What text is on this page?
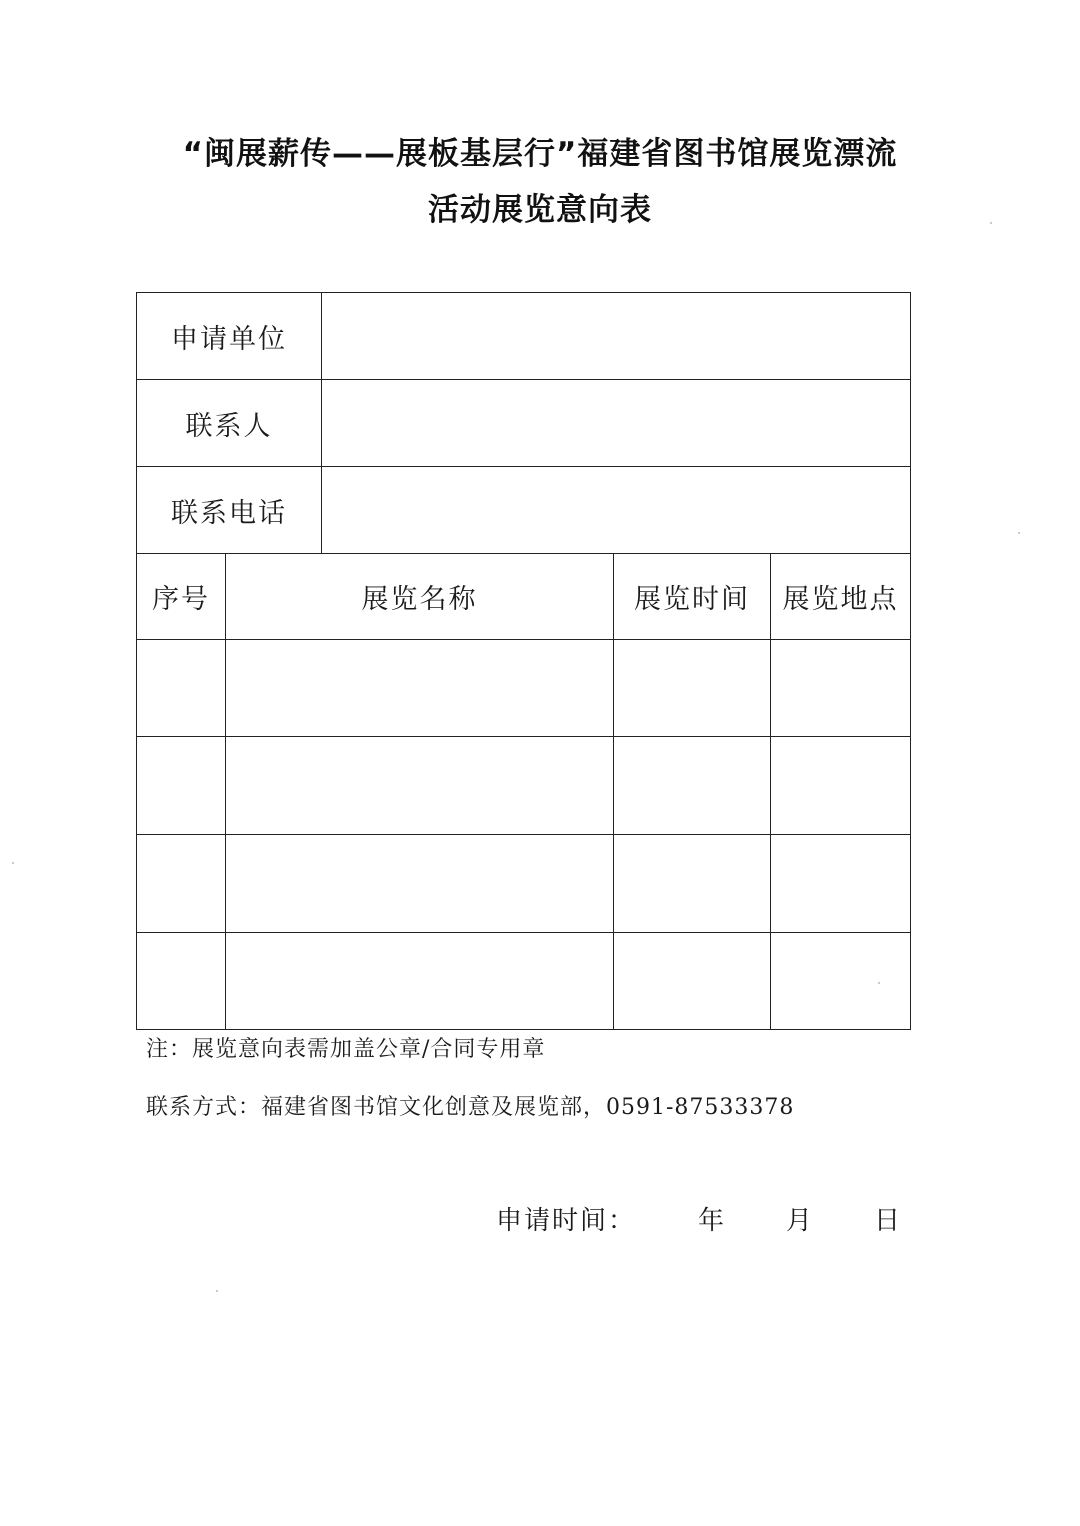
“闽展薪传——展板基层行”福建省图书馆展览漂流
活动展览意向表
申请单位				
联系人				
联系电话				
序号	展览名称		展览时间	展览地点

注：展览意向表需加盖公章/合同专用章
联系方式：福建省图书馆文化创意及展览部，0591-87533378
申请时间： 年 月 日
